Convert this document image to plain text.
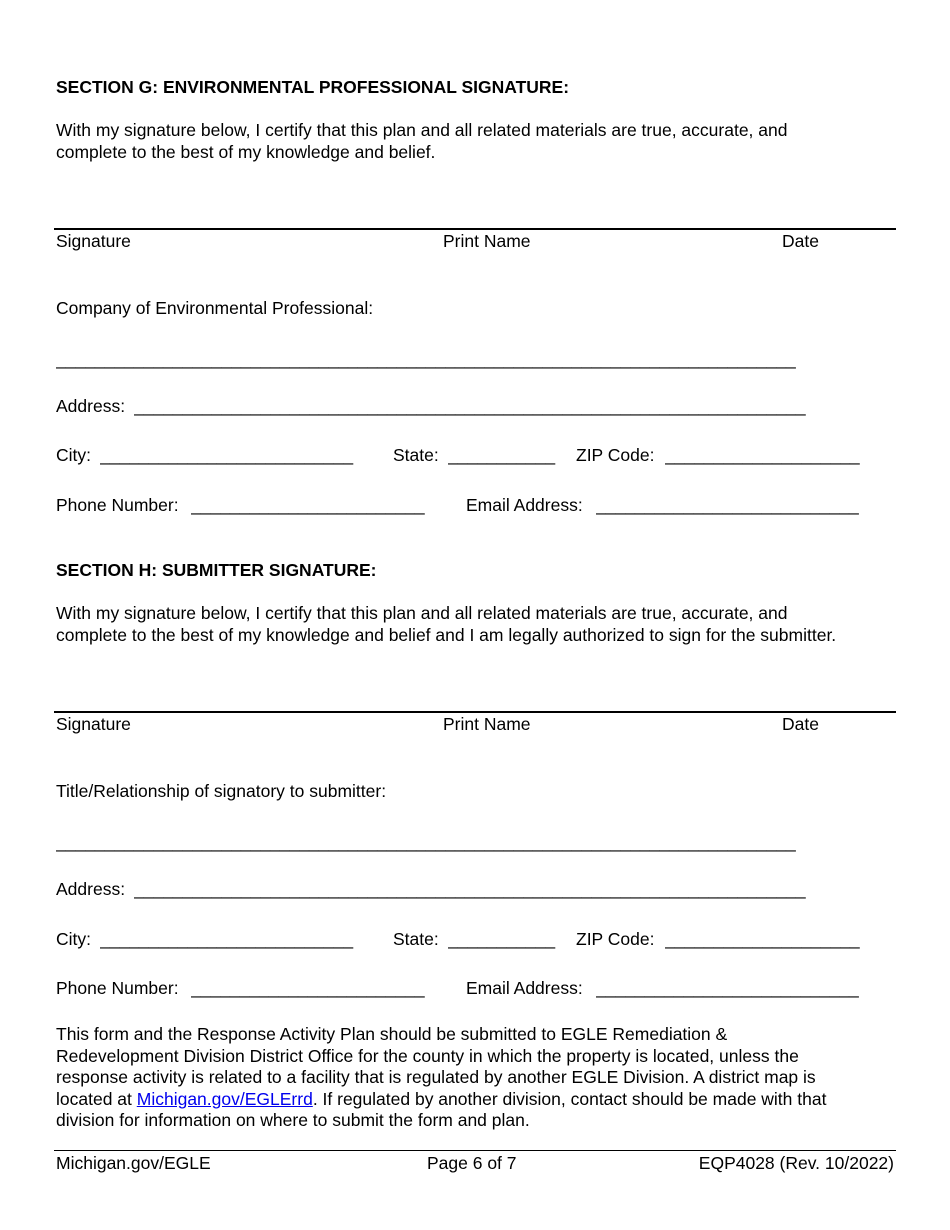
SECTION G: ENVIRONMENTAL PROFESSIONAL SIGNATURE:
With my signature below, I certify that this plan and all related materials are true, accurate, and
complete to the best of my knowledge and belief.
Signature	Print Name	Date
Company of Environmental Professional:
____________________________________________________________________________
Address: _____________________________________________________________________
City: __________________________	State: ___________	ZIP Code: ____________________
Phone Number: ________________________	Email Address: ___________________________
SECTION H: SUBMITTER SIGNATURE:
With my signature below, I certify that this plan and all related materials are true, accurate, and
complete to the best of my knowledge and belief and I am legally authorized to sign for the submitter.
Signature	Print Name	Date
Title/Relationship of signatory to submitter:
____________________________________________________________________________
Address: _____________________________________________________________________
City: __________________________	State: ___________	ZIP Code: ____________________
Phone Number: ________________________	Email Address: ___________________________
This form and the Response Activity Plan should be submitted to EGLE Remediation &
Redevelopment Division District Office for the county in which the property is located, unless the
response activity is related to a facility that is regulated by another EGLE Division. A district map is
located at Michigan.gov/EGLErrd. If regulated by another division, contact should be made with that
division for information on where to submit the form and plan.
Michigan.gov/EGLE	Page 6 of 7	EQP4028 (Rev. 10/2022)
